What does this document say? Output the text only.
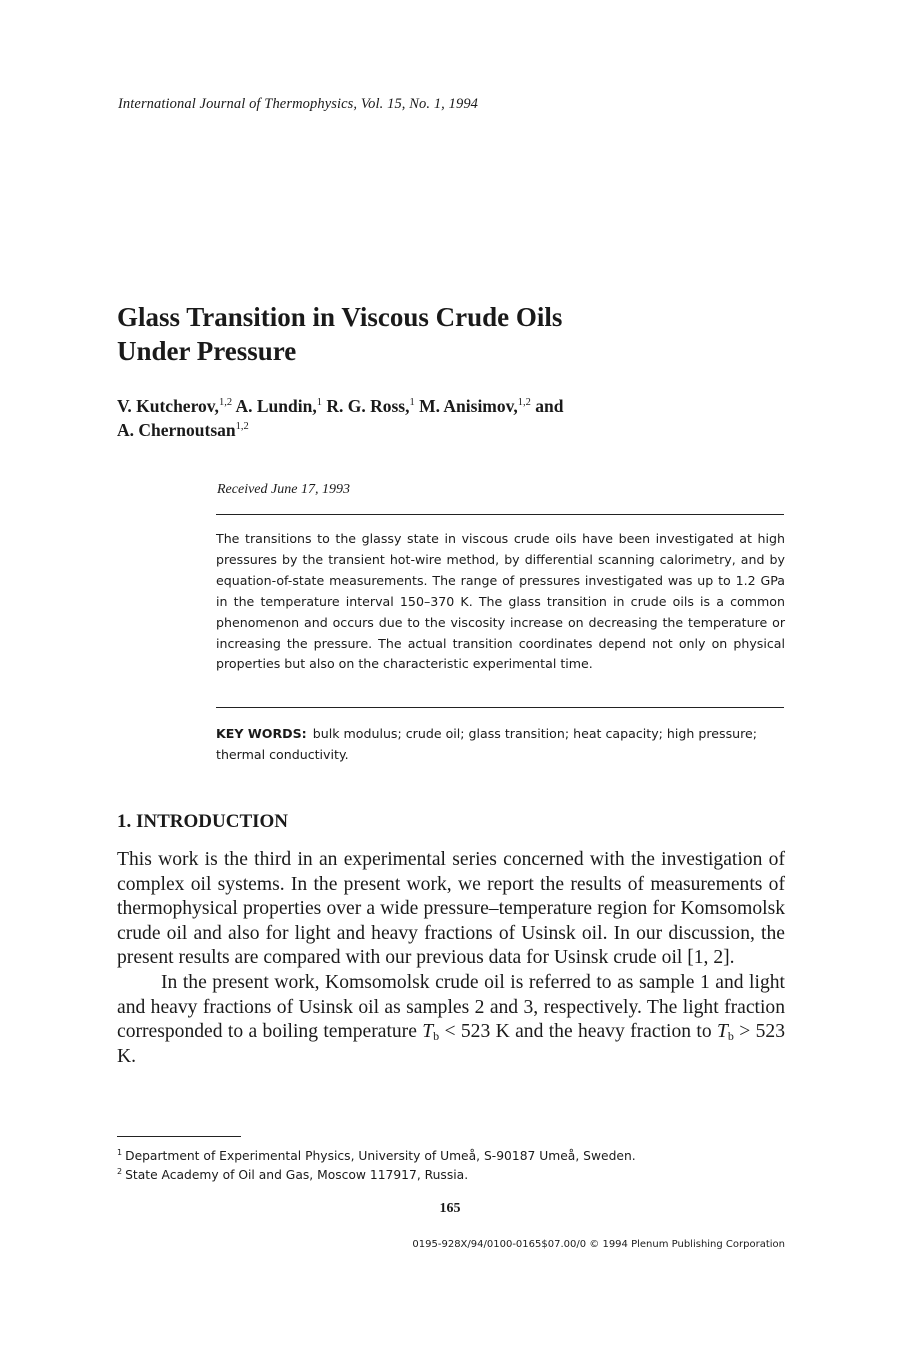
International Journal of Thermophysics, Vol. 15, No. 1, 1994
Glass Transition in Viscous Crude Oils
Under Pressure
V. Kutcherov,$^{1,2}$ A. Lundin,$^1$ R. G. Ross,$^1$ M. Anisimov,$^{1,2}$ and
A. Chernoutsan$^{1,2}$
Received June 17, 1993
The transitions to the glassy state in viscous crude oils have been investigated at high pressures by the transient hot-wire method, by differential scanning calorimetry, and by equation-of-state measurements. The range of pressures investigated was up to 1.2 GPa in the temperature interval 150–370 K. The glass transition in crude oils is a common phenomenon and occurs due to the viscosity increase on decreasing the temperature or increasing the pressure. The actual transition coordinates depend not only on physical properties but also on the characteristic experimental time.
KEY WORDS: bulk modulus; crude oil; glass transition; heat capacity; high pressure; thermal conductivity.
1. INTRODUCTION

This work is the third in an experimental series concerned with the investigation of complex oil systems. In the present work, we report the results of measurements of thermophysical properties over a wide pressure–temperature region for Komsomolsk crude oil and also for light and heavy fractions of Usinsk oil. In our discussion, the present results are compared with our previous data for Usinsk crude oil [1, 2].

In the present work, Komsomolsk crude oil is referred to as sample 1 and light and heavy fractions of Usinsk oil as samples 2 and 3, respectively. The light fraction corresponded to a boiling temperature $T_b < 523$ K and the heavy fraction to $T_b > 523$ K.

$^1$ Department of Experimental Physics, University of Umeå, S-90187 Umeå, Sweden.
$^2$ State Academy of Oil and Gas, Moscow 117917, Russia.
165
0195-928X/94/0100-0165$07.00/0 © 1994 Plenum Publishing Corporation
